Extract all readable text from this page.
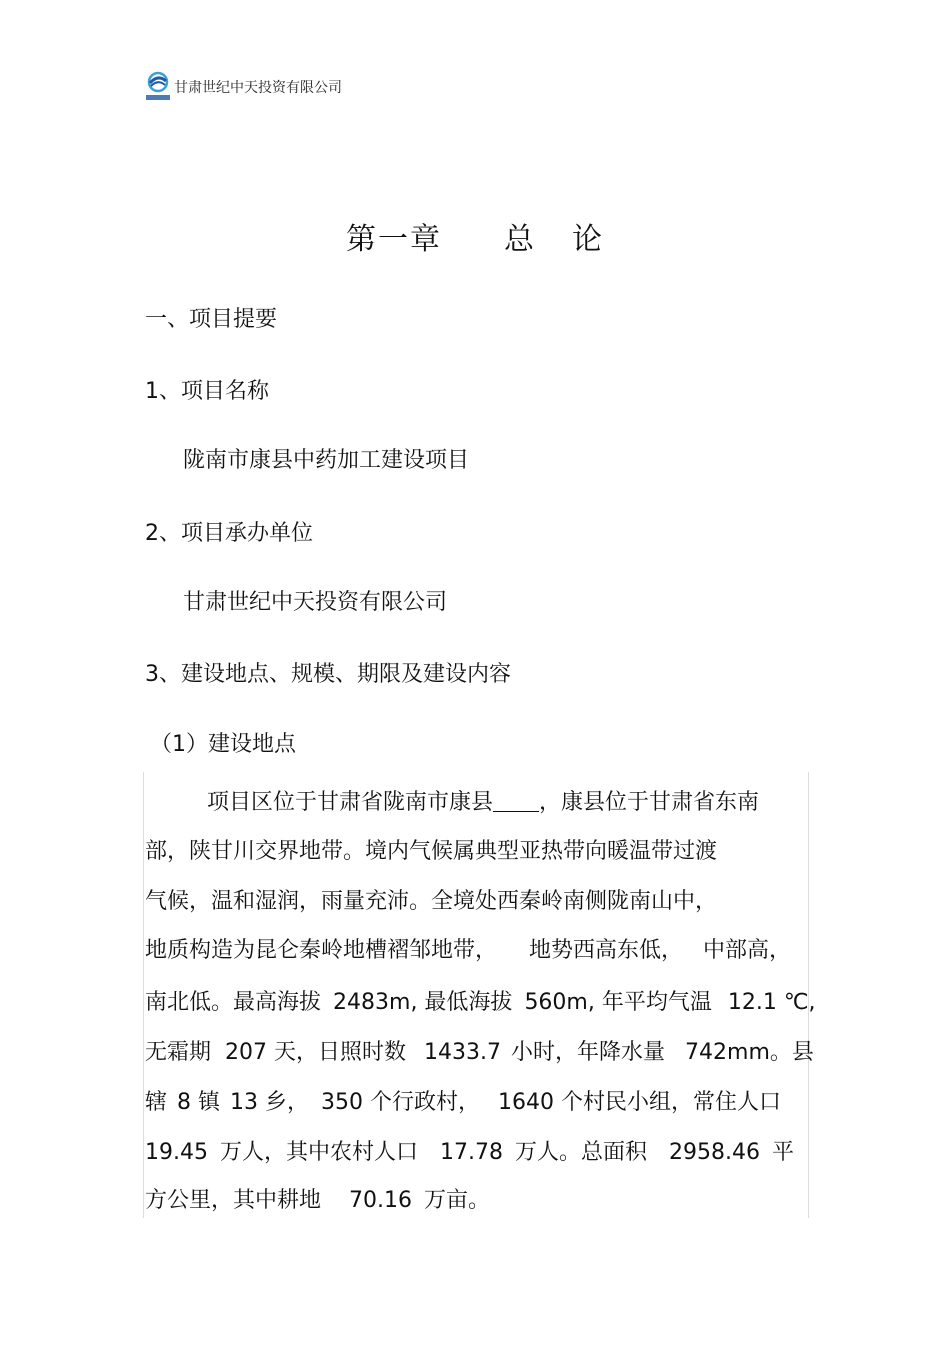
甘肃世纪中天投资有限公司
第一章 总 论
一、项目提要
1、项目名称
陇南市康县中药加工建设项目
2、项目承办单位
甘肃世纪中天投资有限公司
3、建设地点、规模、期限及建设内容
（1）建设地点
项目区位于甘肃省陇南市康县 ，康县位于甘肃省东南
部，陕甘川交界地带。境内气候属典型亚热带向暖温带过渡
气候，温和湿润，雨量充沛。全境处西秦岭南侧陇南山中，
地质构造为昆仑秦岭地槽褶邹地带， 地势西高东低， 中部高，
南北低。最高海拔 2483m, 最低海拔 560m, 年平均气温 12.1 ℃,
无霜期 207 天，日照时数 1433.7 小时，年降水量 742mm。县
辖 8 镇 13 乡， 350 个行政村， 1640 个村民小组，常住人口
19.45 万人，其中农村人口 17.78 万人。总面积 2958.46 平
方公里，其中耕地 70.16 万亩。
